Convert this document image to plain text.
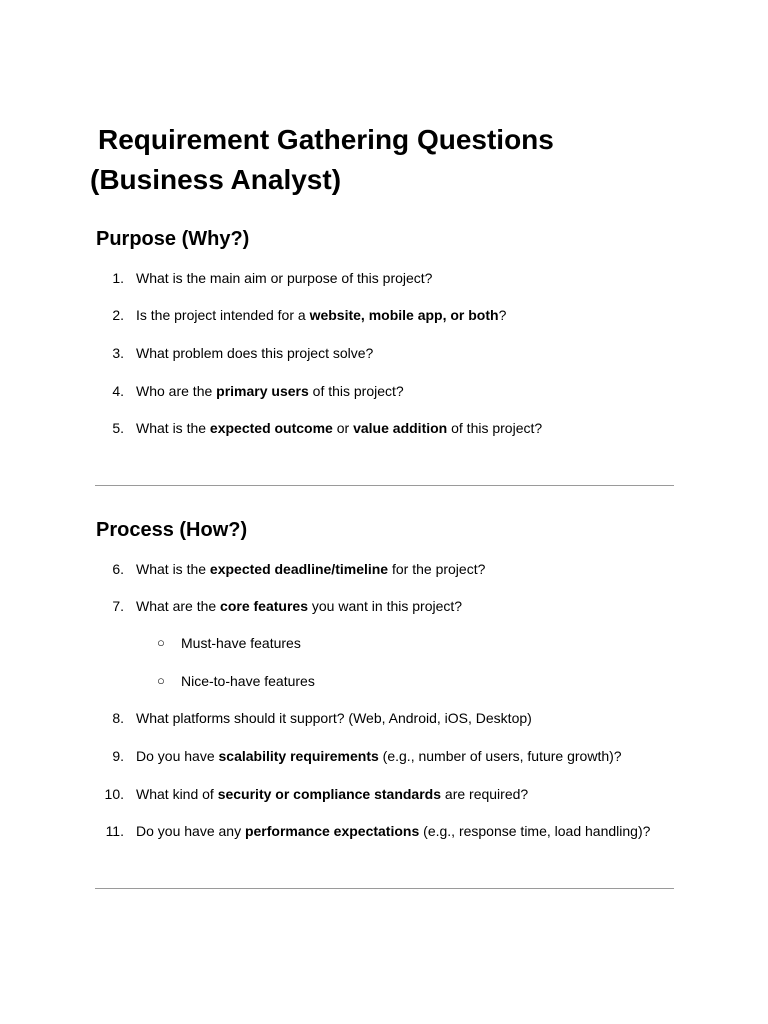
Requirement Gathering Questions
(Business Analyst)
Purpose (Why?)
1. What is the main aim or purpose of this project?
2. Is the project intended for a website, mobile app, or both?
3. What problem does this project solve?
4. Who are the primary users of this project?
5. What is the expected outcome or value addition of this project?
Process (How?)
6. What is the expected deadline/timeline for the project?
7. What are the core features you want in this project?
○ Must-have features
○ Nice-to-have features
8. What platforms should it support? (Web, Android, iOS, Desktop)
9. Do you have scalability requirements (e.g., number of users, future growth)?
10. What kind of security or compliance standards are required?
11. Do you have any performance expectations (e.g., response time, load handling)?
